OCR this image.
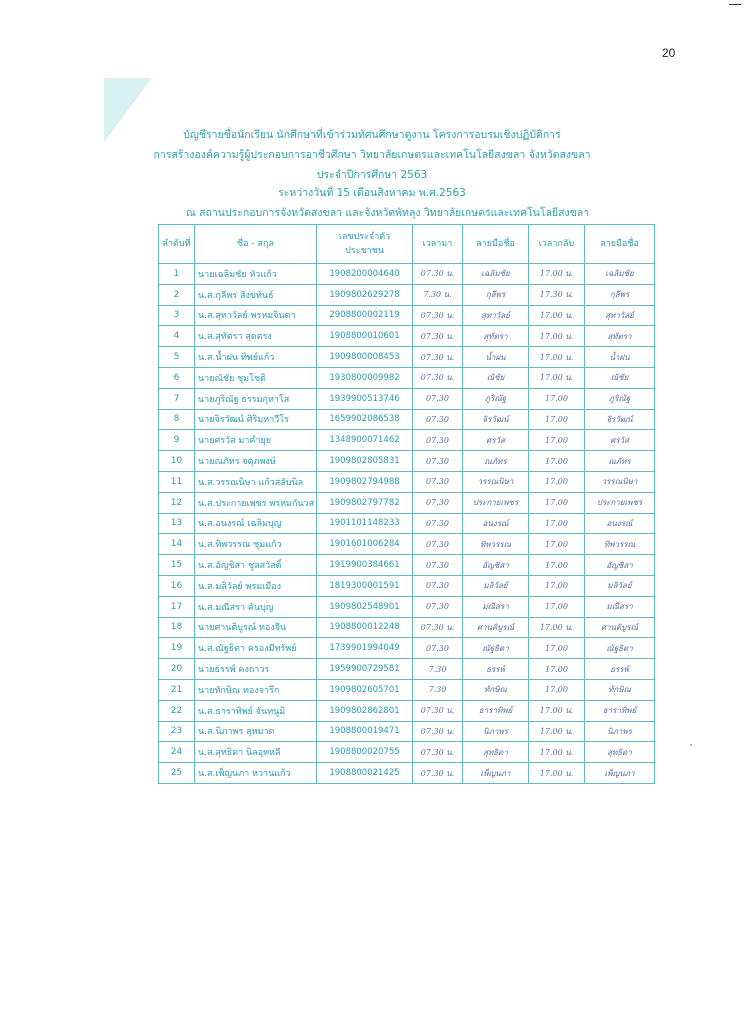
20
บัญชีรายชื่อนักเรียน นักศึกษาที่เข้าร่วมทัศนศึกษาดูงาน โครงการอบรมเชิงปฏิบัติการ
การสร้างองค์ความรู้ผู้ประกอบการอาชีวศึกษา วิทยาลัยเกษตรและเทคโนโลยีสงขลา จังหวัดสงขลา
ประจำปีการศึกษา 2563
ระหว่างวันที่ 15 เดือนสิงหาคม พ.ศ.2563
ณ สถานประกอบการจังหวัดสงขลา และจังหวัดพัทลุง วิทยาลัยเกษตรและเทคโนโลยีสงขลา
ลำดับที่	ชื่อ - สกุล	เลขประจำตัวประชาชน	เวลามา	ลายมือชื่อ	เวลากลับ	ลายมือชื่อ
1	นายเฉลิมชัย หัวแก้ว	1908200004640	07.30 น.	เฉลิมชัย	17.00 น.	เฉลิมชัย
2	น.ส.กุลีพร สังขทันธ์	1909802629278	7.30 น.	กุลีพร	17.30 น.	กุลีพร
3	น.ส.สุทาวัลย์ พรหมจินดา	2908800002119	07.30 น.	สุทาวัลย์	17.00 น.	สุทาวัลย์
4	น.ส.สุทัตรา สุดตรง	1908800010601	07.30 น.	สุทัตรา	17.00 น.	สุทัตรา
5	น.ส.น้ำฝน ทิพย์แก้ว	1909800008453	07.30 น.	น้ำฝน	17.00 น.	น้ำฝน
6	นายณัชัย ชุมโชติ	1930800009982	07.30 น.	ณัชัย	17.00 น.	ณัชัย
7	นายภูริณัฐ ธรรมกุหาโส	1939900513746	07.30	ภูริณัฐ	17.00	ภูริณัฐ
8	นายจิรวัฒน์ ศิริมหาวีโร	1659902086538	07.30	จิรวัฒน์	17.00	จิรวัฒน์
9	นายศรวัส มาคำยุย	1348900071462	07.30	ศรวัส	17.00	ศรวัส
10	นายณภัทร จตุภพงษ์	1909802805831	07.30	ณภัทร	17.00	ณภัทร
11	น.ส.วรรณนิษา แก้วสลับนิล	1909802794988	07.30	วรรณนิษา	17.00	วรรณนิษา
12	น.ส.ประกายเพชร พรหมกันวส	1909802797782	07.30	ประกายเพชร	17.00	ประกายเพชร
13	น.ส.อนงรณ์ เฉลิมบุญ	1901101148233	07.30	อนงรณ์	17.00	อนงรณ์
14	น.ส.ทิพวรรณ ชุมแก้ว	1901601006284	07.30	ทิพวรรณ	17.00	ทิพวรรณ
15	น.ส.อัญชิสา ชูลสวัสดิ์	1919900384661	07.30	อัญชิสา	17.00	อัญชิสา
16	น.ส.มลิวัลย์ พรมเมือง	1819300001591	07.30	มลิวัลย์	17.00	มลิวัลย์
17	น.ส.มณีสรา คันบุญ	1909802548901	07.30	มณีสรา	17.00	มณีสรา
18	นายศานติบูรณ์ ทองจีน	1908800012248	07.30 น.	ศานติบูรณ์	17.00 น.	ศานติบูรณ์
19	น.ส.ณัฐธิดา ครองมีทรัพย์	1739901994049	07.30	ณัฐธิดา	17.00	ณัฐธิดา
20	นายธรรพ์ คงถาวร	1959900729581	7.30	ธรรพ์	17.00	ธรรพ์
21	นายทักษิณ ทองจารึก	1909802605701	7.30	ทักษิณ	17.00	ทักษิณ
22	น.ส.ธาราทิพย์ จันทนูมิ	1909802862801	07.30 น.	ธาราทิพย์	17.00 น.	ธาราทิพย์
23	น.ส.นิภาพร สุหมาด	1908800019471	07.30 น.	นิภาพร	17.00 น.	นิภาพร
24	น.ส.สุทธิดา นิลอุทหลี	1908800020755	07.30 น.	สุทธิดา	17.00 น.	สุทธิดา
25	น.ส.เพ็ญนภา หวานแก้ว	1908800021425	07.30 น.	เพ็ญนภา	17.00 น.	เพ็ญนภา
